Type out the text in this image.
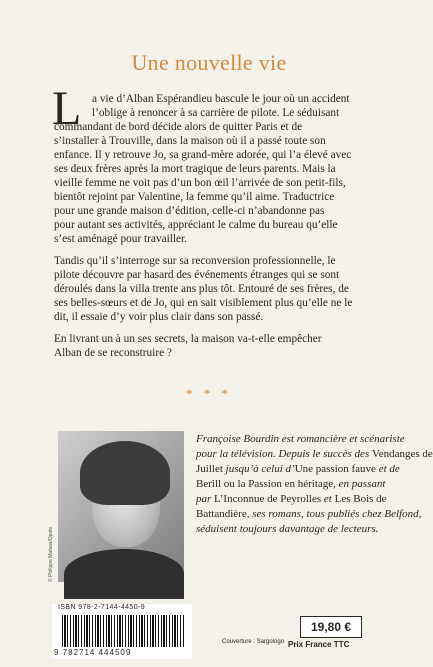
Une nouvelle vie
L a vie d’Alban Espérandieu bascule le jour où un accident
l’oblige à renoncer à sa carrière de pilote. Le séduisant
commandant de bord décide alors de quitter Paris et de
s’installer à Trouville, dans la maison où il a passé toute son
enfance. Il y retrouve Jo, sa grand-mère adorée, qui l’a élevé avec
ses deux frères après la mort tragique de leurs parents. Mais la
vieille femme ne voit pas d’un bon œil l’arrivée de son petit-fils,
bientôt rejoint par Valentine, la femme qu’il aime. Traductrice
pour une grande maison d’édition, celle-ci n’abandonne pas
pour autant ses activités, appréciant le calme du bureau qu’elle
s’est aménagé pour travailler.
Tandis qu’il s’interroge sur sa reconversion professionnelle, le
pilote découvre par hasard des événements étranges qui se sont
déroulés dans la villa trente ans plus tôt. Entouré de ses frères, de
ses belles-sœurs et de Jo, qui en sait visiblement plus qu’elle ne le
dit, il essaie d’y voir plus clair dans son passé.
En livrant un à un ses secrets, la maison va-t-elle empêcher
Alban de se reconstruire ?
* * *
© Philippe Matsas/Opale
Françoise Bourdin est romancière et scénariste
pour la télévision. Depuis le succès des Vendanges de
Juillet jusqu’à celui d’Une passion fauve et de
Berill ou la Passion en héritage, en passant
par L’Inconnue de Peyrolles et Les Bois de
Battandière, ses romans, tous publiés chez Belfond,
séduisent toujours davantage de lecteurs.
ISBN 978-2-7144-4450-9
9 782714 444509
Couverture : Sargologo
19,80 €
Prix France TTC
